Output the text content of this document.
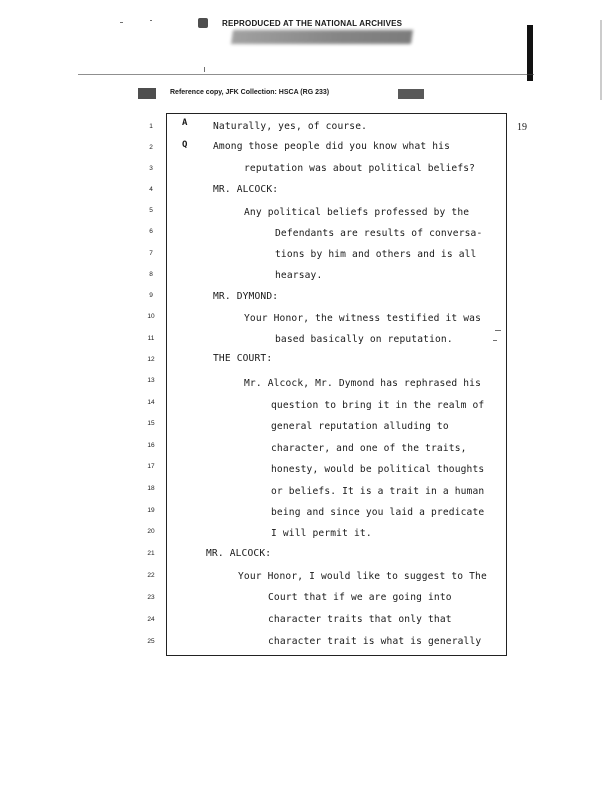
REPRODUCED AT THE NATIONAL ARCHIVES
Reference copy, JFK Collection: HSCA (RG 233)
19
1	A	Naturally, yes, of course.
2	Q	Among those people did you know what his
3	reputation was about political beliefs?
4	MR. ALCOCK:
5	Any political beliefs professed by the
6	Defendants are results of conversa-
7	tions by him and others and is all
8	hearsay.
9	MR. DYMOND:
10	Your Honor, the witness testified it was
11	based basically on reputation.
12	THE COURT:
13	Mr. Alcock, Mr. Dymond has rephrased his
14	question to bring it in the realm of
15	general reputation alluding to
16	character, and one of the traits,
17	honesty, would be political thoughts
18	or beliefs. It is a trait in a human
19	being and since you laid a predicate
20	I will permit it.
21	MR. ALCOCK:
22	Your Honor, I would like to suggest to The
23	Court that if we are going into
24	character traits that only that
25	character trait is what is generally
